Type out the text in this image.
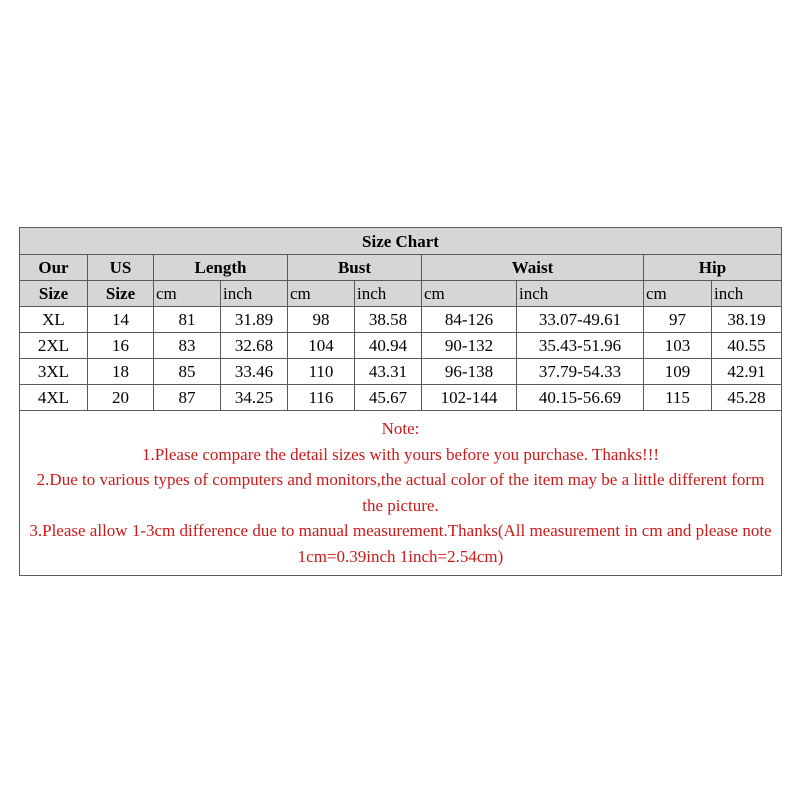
Size Chart									
Our	US	Length		Bust		Waist		Hip	
Size	Size	cm	inch	cm	inch	cm	inch	cm	inch
XL	14	81	31.89	98	38.58	84-126	33.07-49.61	97	38.19
2XL	16	83	32.68	104	40.94	90-132	35.43-51.96	103	40.55
3XL	18	85	33.46	110	43.31	96-138	37.79-54.33	109	42.91
4XL	20	87	34.25	116	45.67	102-144	40.15-56.69	115	45.28

Note:
1.Please compare the detail sizes with yours before you purchase. Thanks!!!
2.Due to various types of computers and monitors,the actual color of the item may be a little different form the picture.
3.Please allow 1-3cm difference due to manual measurement.Thanks(All measurement in cm and please note 1cm=0.39inch 1inch=2.54cm)									
